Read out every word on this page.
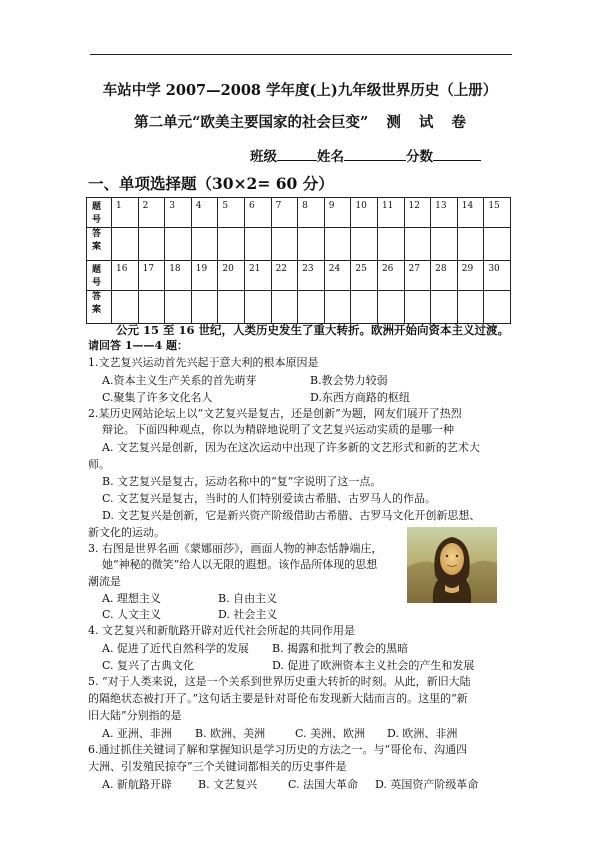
车站中学 2007—2008 学年度(上)九年级世界历史（上册）
第二单元“欧美主要国家的社会巨变” 测 试 卷
班级	姓名	分数
一、单项选择题（30×2= 60 分）
题
号	1	2	3	4	5	6	7	8	9	10	11	12	13	14	15

答
案															

题
号	16	17	18	19	20	21	22	23	24	25	26	27	28	29	30

答
案															

公元 15 至 16 世纪，人类历史发生了重大转折。欧洲开始向资本主义过渡。
请回答 1——4 题：
1.文艺复兴运动首先兴起于意大利的根本原因是
A.资本主义生产关系的首先萌芽	B.教会势力较弱
C.聚集了许多文化名人	D.东西方商路的枢纽
2.某历史网站论坛上以“文艺复兴是复古，还是创新”为题，网友们展开了热烈
辩论。下面四种观点，你以为精辟地说明了文艺复兴运动实质的是哪一种
A. 文艺复兴是创新，因为在这次运动中出现了许多新的文艺形式和新的艺术大
师。
B. 文艺复兴是复古，运动名称中的“复”字说明了这一点。
C. 文艺复兴是复古，当时的人们特别爱读古希腊、古罗马人的作品。
D. 文艺复兴是创新，它是新兴资产阶级借助古希腊、古罗马文化开创新思想、
新文化的运动。
3. 右图是世界名画《蒙娜丽莎》，画面人物的神态恬静端庄，
她“神秘的微笑”给人以无限的遐想。该作品所体现的思想
潮流是
A. 理想主义	B. 自由主义
C. 人文主义	D. 社会主义
4. 文艺复兴和新航路开辟对近代社会所起的共同作用是
A. 促进了近代自然科学的发展 B. 揭露和批判了教会的黑暗
C. 复兴了古典文化	D. 促进了欧洲资本主义社会的产生和发展
5. “对于人类来说，这是一个关系到世界历史重大转折的时刻。从此，新旧大陆
的隔绝状态被打开了。”这句话主要是针对哥伦布发现新大陆而言的。这里的“新
旧大陆”分别指的是
A. 亚洲、非洲 B. 欧洲、美洲	C. 美洲、欧洲 D. 欧洲、非洲
6.通过抓住关键词了解和掌握知识是学习历史的方法之一。与“哥伦布、沟通四
大洲、引发殖民掠夺”三个关键词都相关的历史事件是
A. 新航路开辟 B. 文艺复兴	C. 法国大革命 D. 英国资产阶级革命
